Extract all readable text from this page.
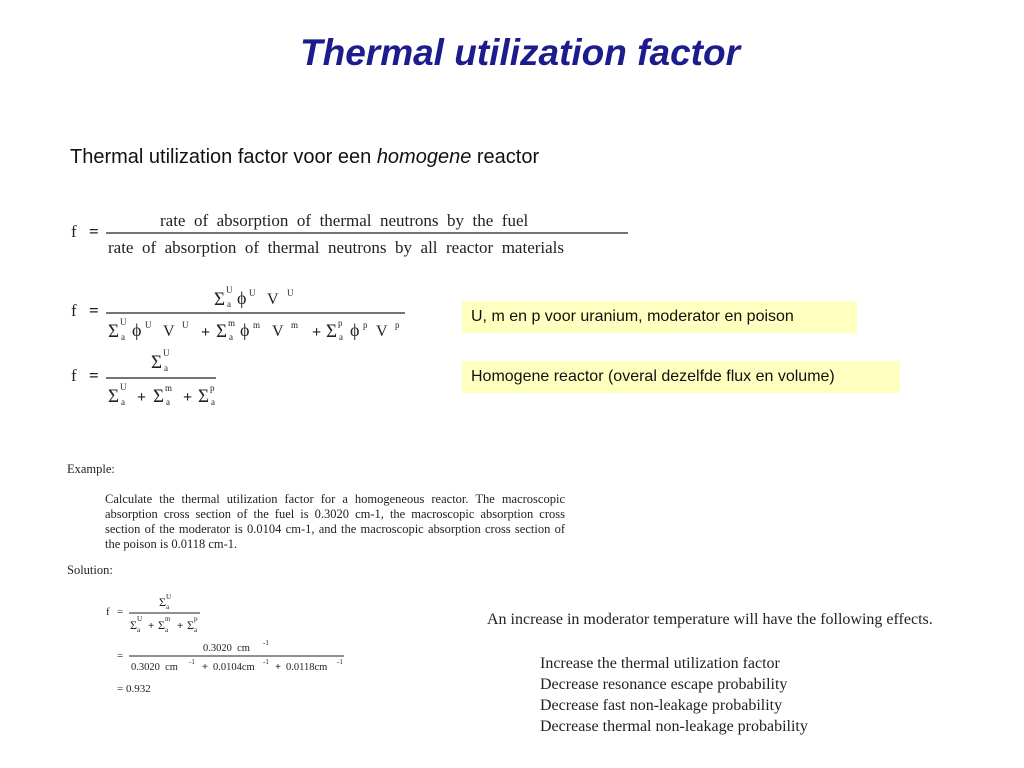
Thermal utilization factor
Thermal utilization factor voor een homogene reactor
f =
rate  of  absorption  of  thermal  neutrons  by  the  fuel
rate  of  absorption  of  thermal  neutrons  by  all  reactor  materials
f =
Σ U
a ϕ U V U
Σ U
a ϕ U V U + Σ m
a ϕ m V m + Σ p
a ϕ p V p
f =
Σ U
a
Σ U
a + Σ m
a + Σ p
a
f =
Σ U
a
Σ U
a + Σ m
a + Σ p
a
=
0.3020  cm -1
0.3020  cm -1 + 0.0104cm -1 + 0.0118cm -1
= 0.932
U, m en p voor uranium, moderator en poison
Homogene reactor (overal dezelfde flux en volume)
Example:
Calculate the thermal utilization factor for a homogeneous reactor. The macroscopic absorption cross section of the fuel is 0.3020 cm-1, the macroscopic absorption cross section of the moderator is 0.0104 cm-1, and the macroscopic absorption cross section of the poison is 0.0118 cm-1.
Solution:
An increase in moderator temperature will have the following effects.
Increase the thermal utilization factor
Decrease resonance escape probability
Decrease fast non-leakage probability
Decrease thermal non-leakage probability
